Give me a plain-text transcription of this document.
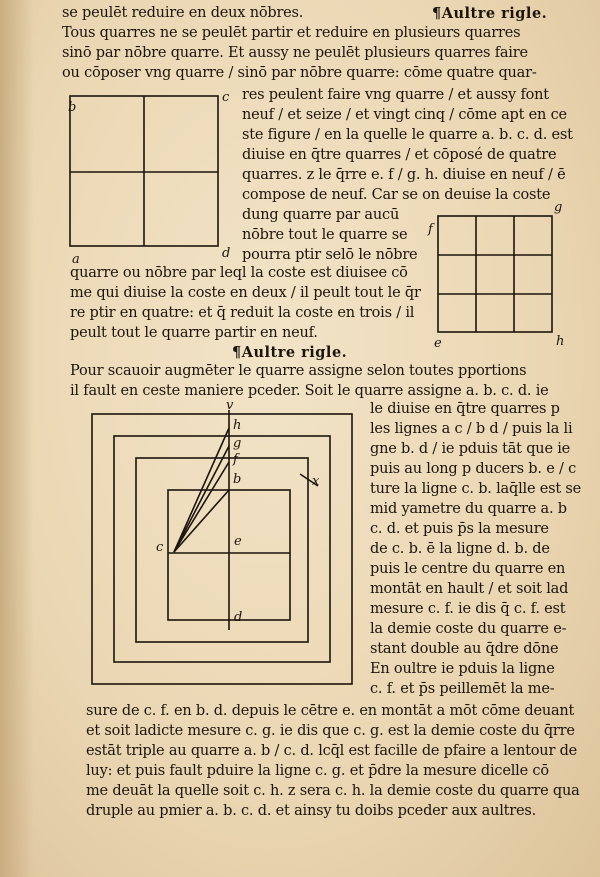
se peulēt reduire en deux nōbres.	¶Aultre rigle.
Tous quarres ne se peulēt partir et reduire en plusieurs quarres
sinō par nōbre quarre. Et aussy ne peulēt plusieurs quarres faire
ou cōposer vng quarre / sinō par nōbre quarre: cōme quatre quar-
b
c
a	d
res peulent faire vng quarre / et aussy font
neuf / et seize / et vingt cinq / cōme apt en ce
ste figure / en la quelle le quarre a. b. c. d. est
diuise en q̄tre quarres / et cōposé de quatre
quarres. z le q̄rre e. f / g. h. diuise en neuf / ē
compose de neuf. Car se on deuise la coste
dung quarre par aucū
nōbre tout le quarre se
pourra ptir selō le nōbre
f
g
e	h
quarre ou nōbre par leql la coste est diuisee cō
me qui diuise la coste en deux / il peult tout le q̄r
re ptir en quatre: et q̄ reduit la coste en trois / il
peult tout le quarre partir en neuf.
¶Aultre rigle.
Pour scauoir augmēter le quarre assigne selon toutes pportions
il fault en ceste maniere pceder. Soit le quarre assigne a. b. c. d. ie
v
h
g
f
b
c	e
d
x
le diuise en q̄tre quarres p
les lignes a c / b d / puis la li
gne b. d / ie pduis tāt que ie
puis au long p ducers b. e / c
ture la ligne c. b. laq̄lle est se
mid yametre du quarre a. b
c. d. et puis p̄s la mesure
de c. b. ē la ligne d. b. de
puis le centre du quarre en
montāt en hault / et soit lad
mesure c. f. ie dis q̄ c. f. est
la demie coste du quarre e-
stant double au q̄dre dōne
En oultre ie pduis la ligne
c. f. et p̄s peillemēt la me-
sure de c. f. en b. d. depuis le cētre e. en montāt a mōt cōme deuant
et soit ladicte mesure c. g. ie dis que c. g. est la demie coste du q̄rre
estāt triple au quarre a. b / c. d. lcq̄l est facille de pfaire a lentour de
luy: et puis fault pduire la ligne c. g. et p̄dre la mesure dicelle cō
me deuāt la quelle soit c. h. z sera c. h. la demie coste du quarre qua
druple au pmier a. b. c. d. et ainsy tu doibs pceder aux aultres.
